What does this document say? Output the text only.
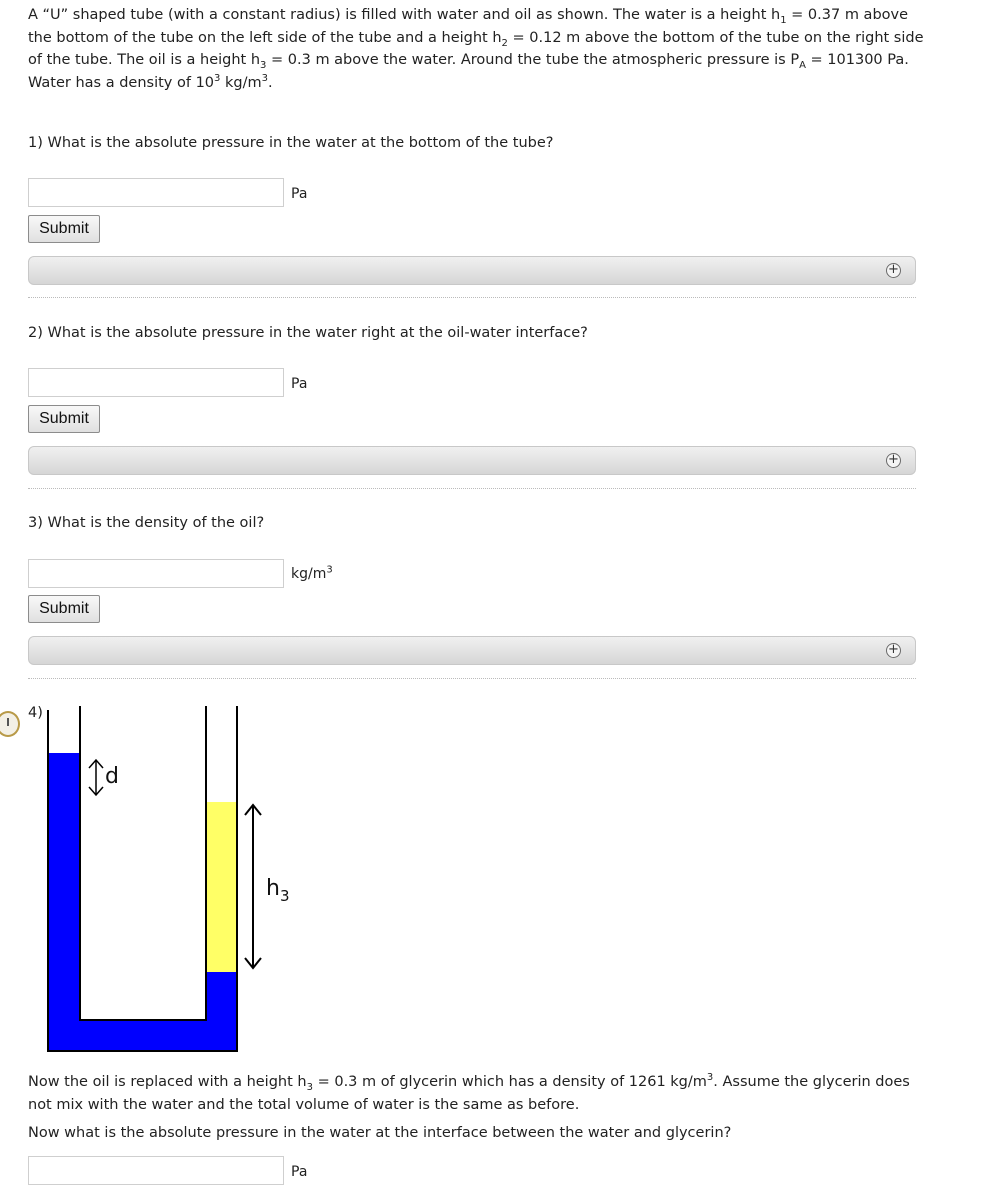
A “U” shaped tube (with a constant radius) is filled with water and oil as shown. The water is a height $h_1 = 0.37$ m above the bottom of the tube on the left side of the tube and a height $h_2 = 0.12$ m above the bottom of the tube on the right side of the tube. The oil is a height $h_3 = 0.3$ m above the water. Around the tube the atmospheric pressure is $P_A = 101300$ Pa. Water has a density of $10^3$ $kg/m^3$.

1) What is the absolute pressure in the water at the bottom of the tube?

Pa
Submit
+

2) What is the absolute pressure in the water right at the oil-water interface?

Pa
Submit
+

3) What is the density of the oil?

$kg/m^3$
Submit
+

4)

d
h3

Now the oil is replaced with a height $h_3 = 0.3$ m of glycerin which has a density of 1261 $kg/m^3$. Assume the glycerin does not mix with the water and the total volume of water is the same as before.

Now what is the absolute pressure in the water at the interface between the water and glycerin?

Pa
